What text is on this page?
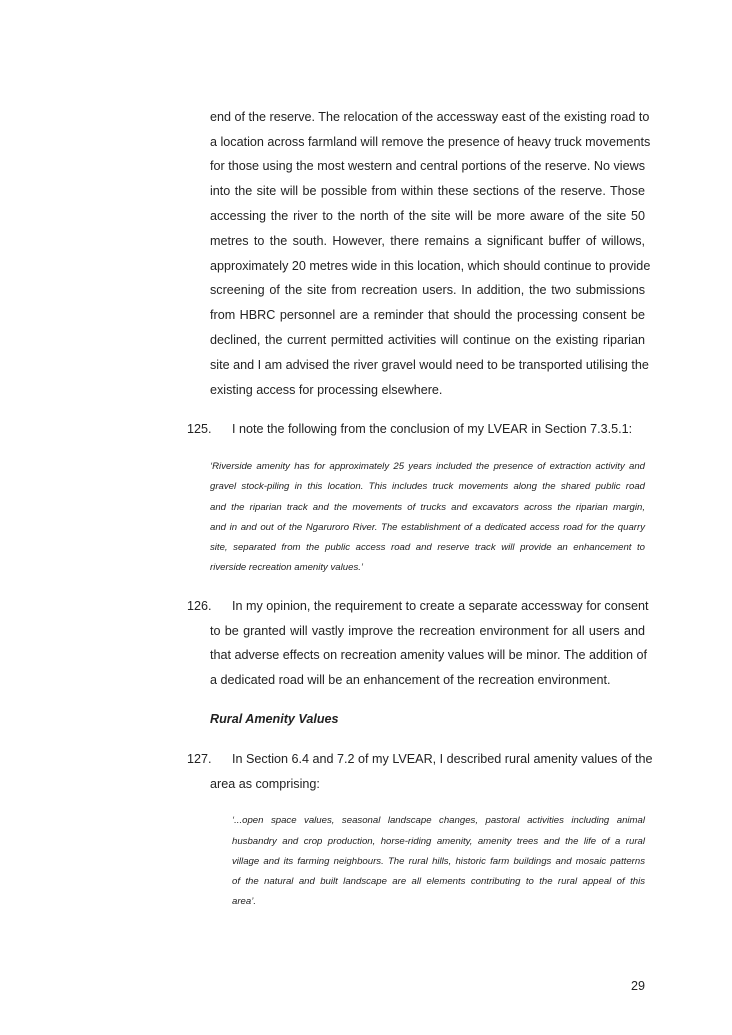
end of the reserve. The relocation of the accessway east of the existing road to
a location across farmland will remove the presence of heavy truck movements
for those using the most western and central portions of the reserve. No views
into the site will be possible from within these sections of the reserve. Those
accessing the river to the north of the site will be more aware of the site 50
metres to the south. However, there remains a significant buffer of willows,
approximately 20 metres wide in this location, which should continue to provide
screening of the site from recreation users. In addition, the two submissions
from HBRC personnel are a reminder that should the processing consent be
declined, the current permitted activities will continue on the existing riparian
site and I am advised the river gravel would need to be transported utilising the
existing access for processing elsewhere.
125. I note the following from the conclusion of my LVEAR in Section 7.3.5.1:
‘Riverside amenity has for approximately 25 years included the presence of extraction activity and
gravel stock-piling in this location. This includes truck movements along the shared public road
and the riparian track and the movements of trucks and excavators across the riparian margin,
and in and out of the Ngaruroro River. The establishment of a dedicated access road for the quarry
site, separated from the public access road and reserve track will provide an enhancement to
riverside recreation amenity values.’
126. In my opinion, the requirement to create a separate accessway for consent
to be granted will vastly improve the recreation environment for all users and
that adverse effects on recreation amenity values will be minor. The addition of
a dedicated road will be an enhancement of the recreation environment.
Rural Amenity Values
127. In Section 6.4 and 7.2 of my LVEAR, I described rural amenity values of the
area as comprising:
‘...open space values, seasonal landscape changes, pastoral activities including animal
husbandry and crop production, horse-riding amenity, amenity trees and the life of a rural
village and its farming neighbours. The rural hills, historic farm buildings and mosaic patterns
of the natural and built landscape are all elements contributing to the rural appeal of this
area’.
29
